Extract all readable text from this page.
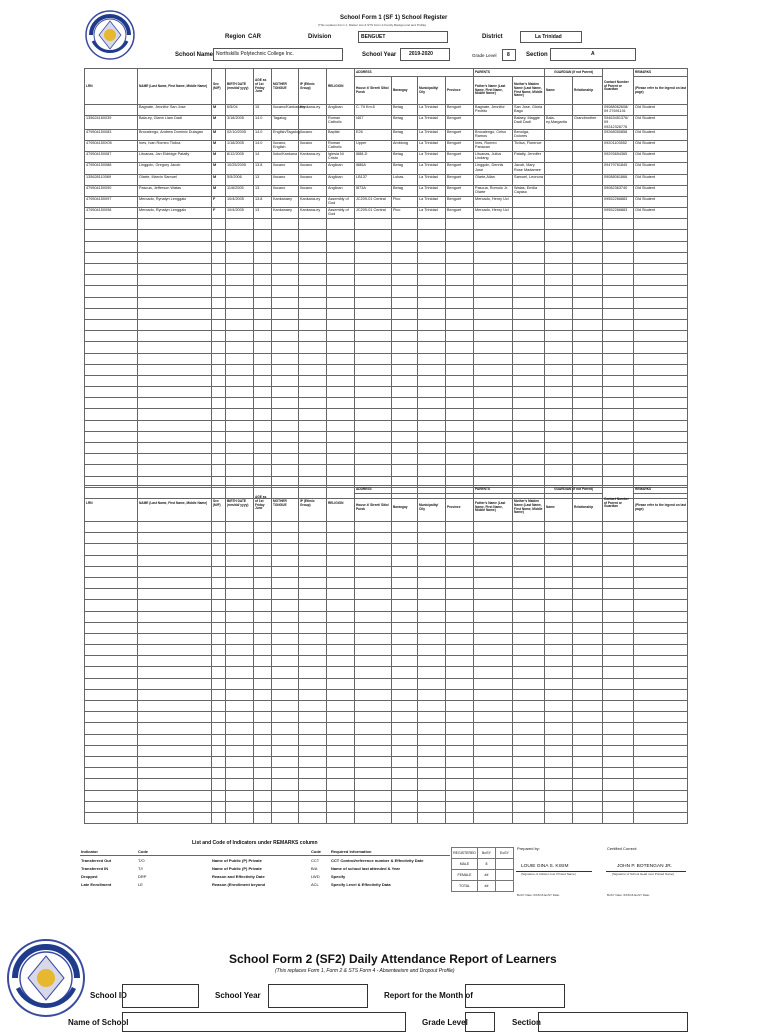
School Form 1 (SF 1) School Register
(This replaces Form 1, Master List & STS Form 2-Family Background and Profile)
Region CAR	Division	BENGUET	District	La Trinidad
School Name Northskills Polytechnic College Inc.	School Year	2019-2020	Grade Level	8	Section	A
LRN	NAME (Last Name, First Name, Middle Name)	Sex (M/F)	BIRTH DATE (mm/dd/ yyyy)	AGE as of 1st Friday June	MOTHER TONGUE	IP (Ethnic Group)	RELIGION	ADDRESS				PARENTS		GUARDIAN (if not Parent)		Contact Number of Parent or Guardian	REMARKS
								House #/ Street/ Sitio/ Purok	Barangay	Municipality/ City	Province	Father's Name (Last Name, First Name, Middle Name)	Mother's Maiden Name (Last Name, First Name, Middle Name)	Name	Relationship		(Please refer to the legend on last page)
	Bagnate, Jennifor San Jose	M	6/5/04	15	Ilocano/Kankanaey	Kankana-ey	Anglican	C. Tit Km.6	Betag	La Trinidad	Benguet	Bagnate, Jennifor Pedrito	San Jose, Gloria Bago			09088062608/ 09 27691101	Old Student
135624160039	Bala-ey, Giann Liam Dadi	M	3/18/2005	14.0	Tagalog		Roman Catholic	I467	Betag	La Trinidad	Benguet		Balaey, Maggie Dadi Dadi	Bala-ey,Margarita	Grandmother	09463451376/ 09 09242326776	Old Student
479504150083	Brocalengo, Andrew Dominic Dulagan	M	02/10/2005	14.0	English/Tagalog	Ilocano	Baptist	E26	Betag	La Trinidad	Benguet	Brocalengo, Celso Ramos	Benolga, Dolores			09268050858	Old Student
479504150X05	Ines, Ivan Romeo Ticlica	M	1/18/2005	14.0	Ilocano, English	Ilocano	Roman Catholic	Upper	Ambiong	La Trinidad	Benguet	Ines, Romeo Panacan	Ticlica, Florence			09201103552	Old Student
479504150087	Lituanas, Jan Eldridge Patalty	M	8/12/2005	14	Iloko/Kankana	Kankana-ey	Iglesia Ni Cristo	I888-D	Betag	La Trinidad	Benguet	Lituanas, Julius Lindang	Patalty, Jennifer			09293654365	Old Student
479504150088	Linggoin, Gregory Jacob	M	10/25/2005	13.8	Ilocano	Ilocano	Anglican	I886A	Betag	La Trinidad	Benguet	Linggoin, Dennis Jose	Jacob, Mary Rose Madamee			09479761849	Old Student
135628110069	Olarte, Marvin Samuel	M	5/5/2006	13	Ilocano	Ilocano	Anglican	LB137	Lubas	La Trinidad	Benguet	Olarte,Allan	Samuel, Leonora			09088061866	Old Student
479504150090	Pascua, Jefferson Watas	M	11/6/2005	13	Ilocano	Ilocano	Anglican	I873A	Betag	La Trinidad	Benguet	Pascua, Romulo Jr. Olarte	Watas, Emilia Cayaso			09082363740	Old Student
479504150097	Mercado, Rynalyn Lenggalo	F	10/4/2005	13.8	Kankanaey	Kankana-ey	Assembly of God	JC209-01 Central	Pico	La Trinidad	Benguet	Mercado, Henry Uci				09552266883	Old Student
479504150098	Mercado, Rynalyn Lenggalo	F	10/4/2005	13	Kankanaey	Kankana-ey	Assembly of God	JC209-01 Central	Pico	La Trinidad	Benguet	Mercado, Henry Uci				09552266883	Old Student

LRN	NAME (Last Name, First Name, Middle Name)	Sex (M/F)	BIRTH DATE (mm/dd/ yyyy)	AGE as of 1st Friday June	MOTHER TONGUE	IP (Ethnic Group)	RELIGION	ADDRESS				PARENTS		GUARDIAN (if not Parent)		Contact Number of Parent or Guardian	REMARKS
								House #/ Street/ Sitio/ Purok	Barangay	Municipality/ City	Province	Father's Name (Last Name, First Name, Middle Name)	Mother's Maiden Name (Last Name, First Name, Middle Name)	Name	Relationship		(Please refer to the legend on last page)

List and Code of Indicators under REMARKS column
Indicator	Code		Code	Required Information
Transferred Out	T/O	Name of Public (P) Private	CCT	CCT Control/reference number & Effectivity Date
Transferred IN	T/I	Name of Public (P) Private	B/A	Name of school last attended & Year
Dropped	DRP	Reason and Effectivity Date	LWD	Specify
Late Enrollment	LE	Reason (Enrollment beyond	ACL	Specify Level & Effectivity Data
REGISTERED	BoSY	EoSY
MALE	8	
FEMALE	##	
TOTAL	##	
Prepared by:
LOUIE GINA S. KISIM
(Signature of Adviser over Printed Name)
BoSY Date: 6/15/16 EoSY Date:
Certified Correct:
JOHN P. BOTENGAN JR.
(Signature of School Head over Printed Name)
BoSY Date: 6/15/16 EoSY Date:
School Form 2 (SF2) Daily Attendance Report of Learners
(This replaces Form 1, Form 2 & STS Form 4 - Absenteeism and Dropout Profile)
School ID	School Year	Report for the Month of
Name of School	Grade Level	Section
